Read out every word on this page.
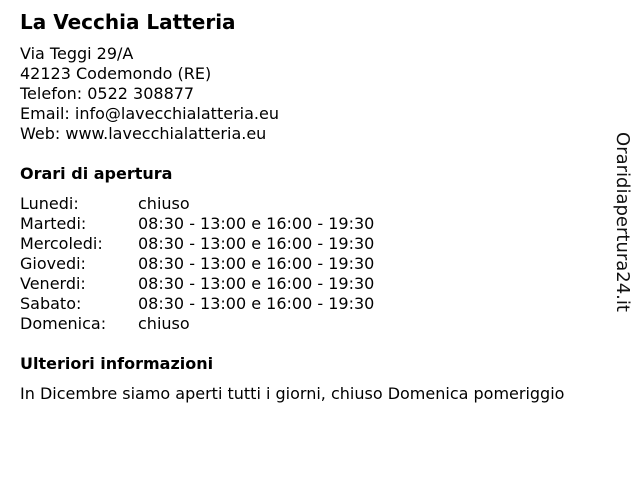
La Vecchia Latteria
Via Teggi 29/A
42123 Codemondo (RE)
Telefon: 0522 308877
Email: info@lavecchialatteria.eu
Web: www.lavecchialatteria.eu
Orari di apertura
Lunedi:	chiuso
Martedi:	08:30 - 13:00 e 16:00 - 19:30
Mercoledi: 08:30 - 13:00 e 16:00 - 19:30
Giovedi:	08:30 - 13:00 e 16:00 - 19:30
Venerdi:	08:30 - 13:00 e 16:00 - 19:30
Sabato:	08:30 - 13:00 e 16:00 - 19:30
Domenica: chiuso
Ulteriori informazioni
In Dicembre siamo aperti tutti i giorni, chiuso Domenica pomeriggio
Oraridiapertura24.it
